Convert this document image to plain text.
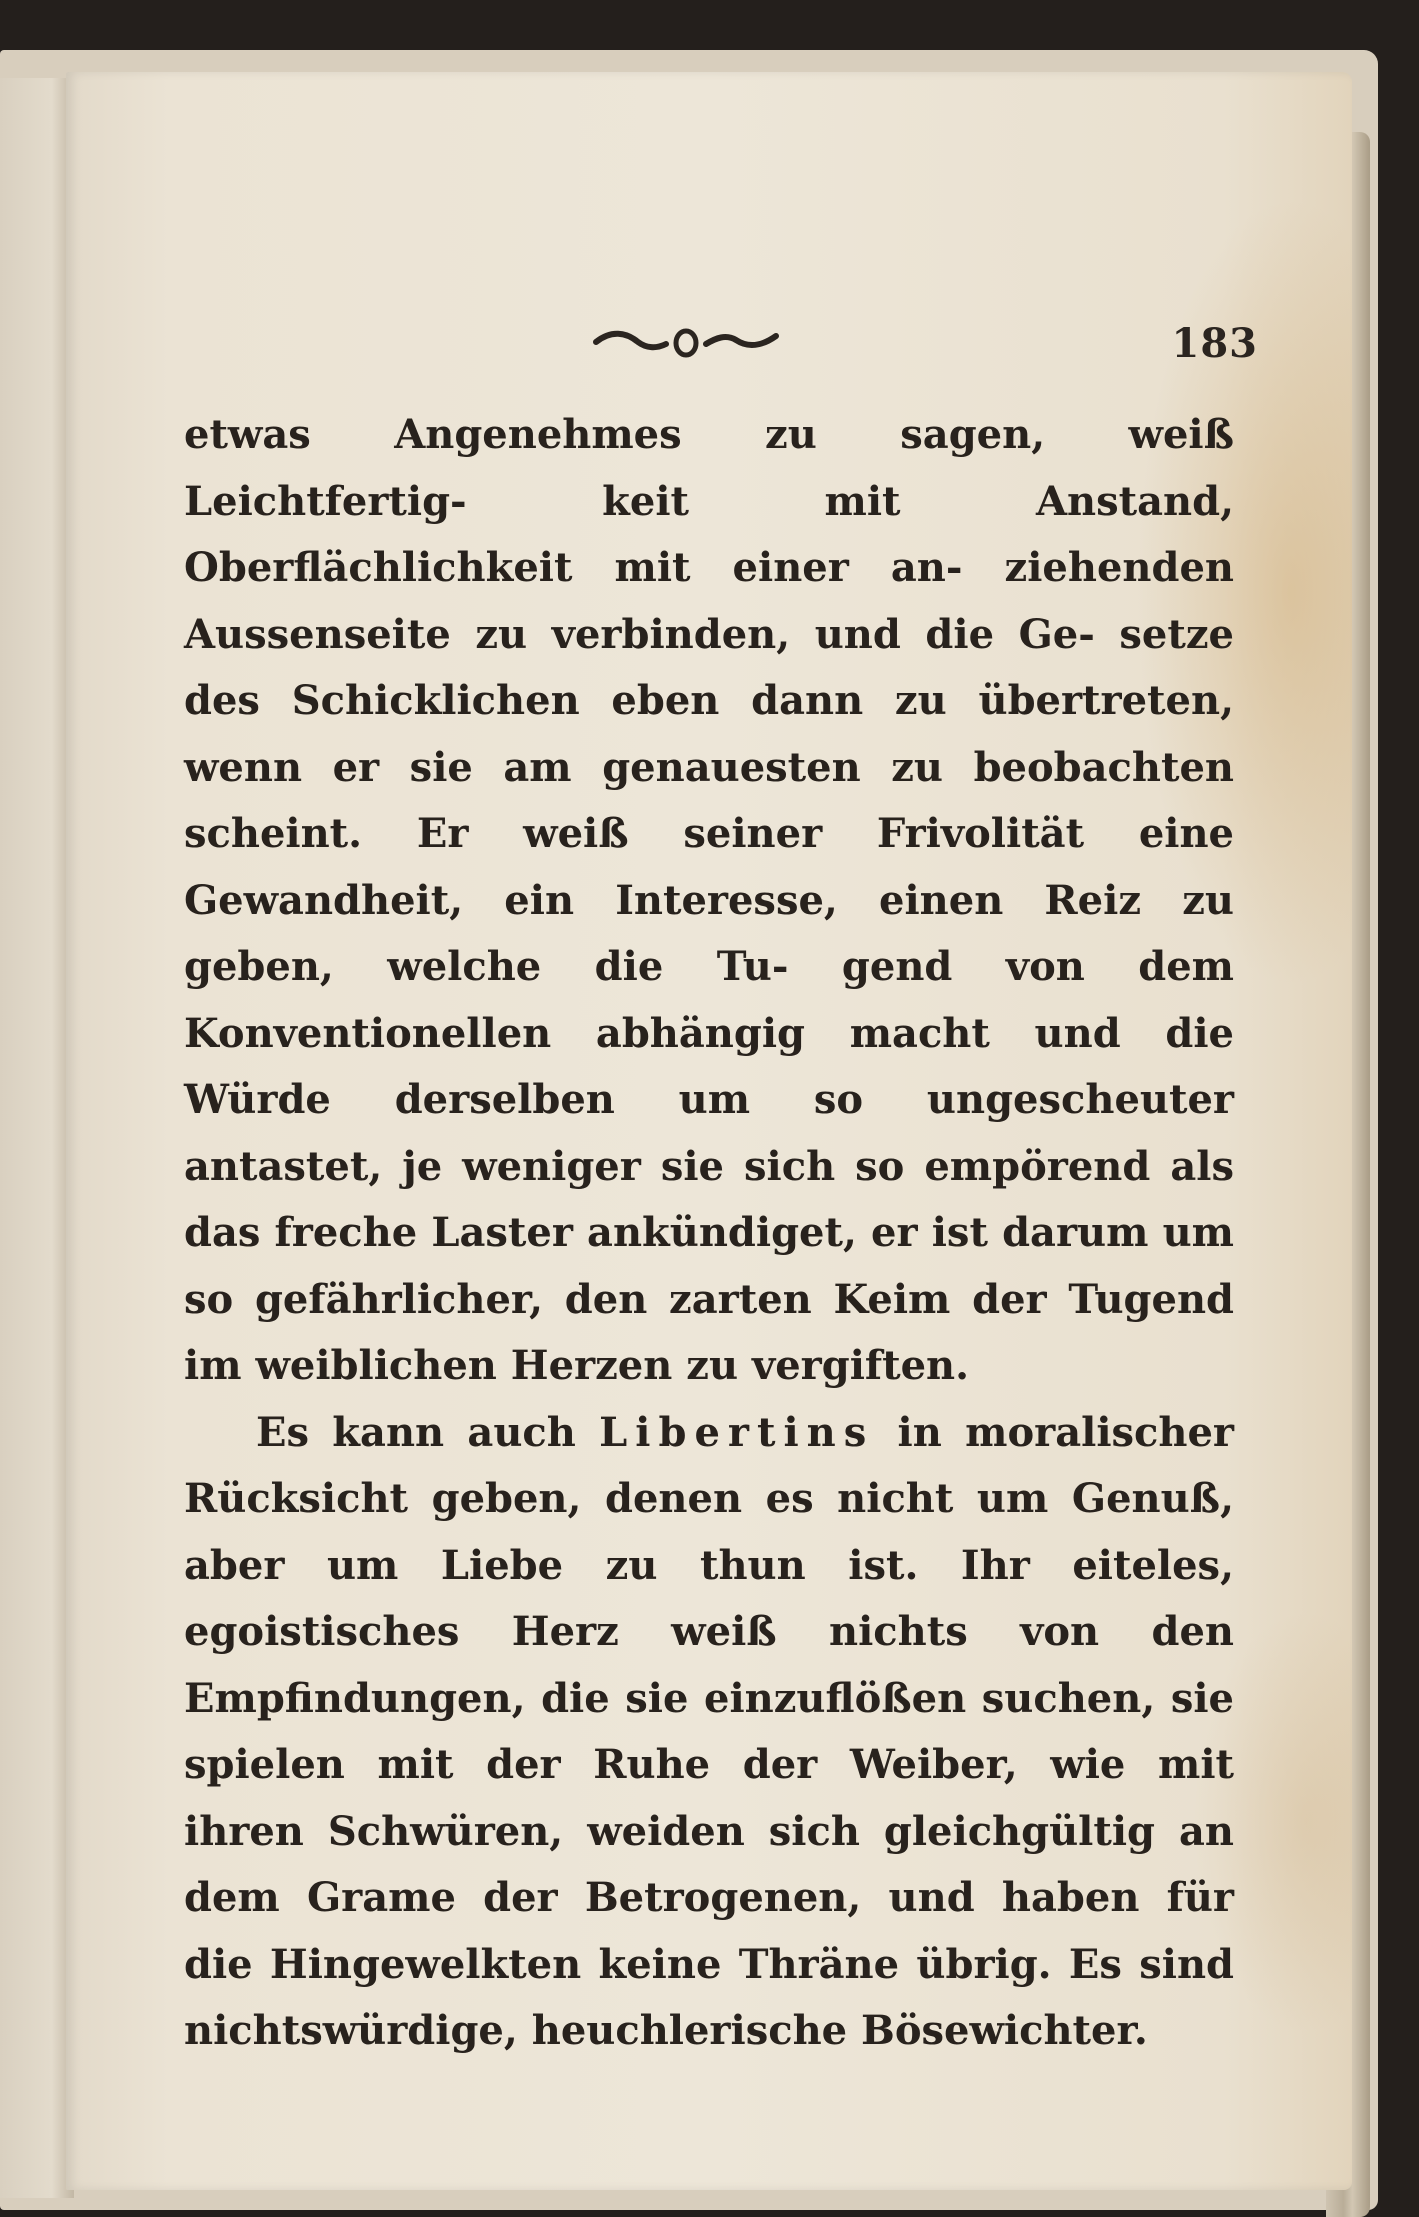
183

etwas Angenehmes zu sagen, weiß Leichtfertig- keit mit Anstand, Oberflächlichkeit mit einer an- ziehenden Aussenseite zu verbinden, und die Ge- setze des Schicklichen eben dann zu übertreten, wenn er sie am genauesten zu beobachten scheint. Er weiß seiner Frivolität eine Gewandheit, ein Interesse, einen Reiz zu geben, welche die Tu- gend von dem Konventionellen abhängig macht und die Würde derselben um so ungescheuter antastet, je weniger sie sich so empörend als das freche Laster ankündiget, er ist darum um so gefährlicher, den zarten Keim der Tugend im weiblichen Herzen zu vergiften.

Es kann auch Libertins in moralischer Rücksicht geben, denen es nicht um Genuß, aber um Liebe zu thun ist. Ihr eiteles, egoistisches Herz weiß nichts von den Empfindungen, die sie einzuflößen suchen, sie spielen mit der Ruhe der Weiber, wie mit ihren Schwüren, weiden sich gleichgültig an dem Grame der Betrogenen, und haben für die Hingewelkten keine Thräne übrig. Es sind nichtswürdige, heuchlerische Bösewichter.
